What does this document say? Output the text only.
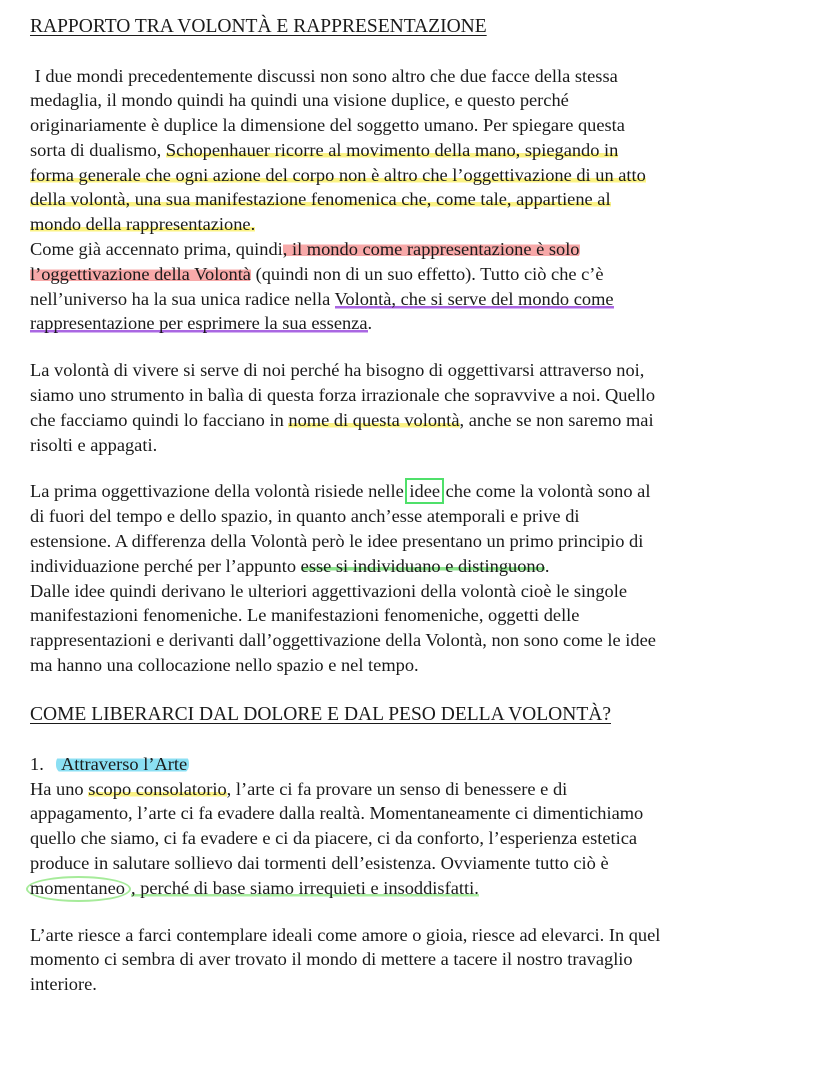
RAPPORTO TRA VOLONTÀ E RAPPRESENTAZIONE

I due mondi precedentemente discussi non sono altro che due facce della stessa
medaglia, il mondo quindi ha quindi una visione duplice, e questo perché
originariamente è duplice la dimensione del soggetto umano. Per spiegare questa
sorta di dualismo, Schopenhauer ricorre al movimento della mano, spiegando in
forma generale che ogni azione del corpo non è altro che l’oggettivazione di un atto
della volontà, una sua manifestazione fenomenica che, come tale, appartiene al
mondo della rappresentazione.

Come già accennato prima, quindi, il mondo come rappresentazione è solo
l’oggettivazione della Volontà (quindi non di un suo effetto). Tutto ciò che c’è
nell’universo ha la sua unica radice nella Volontà, che si serve del mondo come
rappresentazione per esprimere la sua essenza.

La volontà di vivere si serve di noi perché ha bisogno di oggettivarsi attraverso noi,
siamo uno strumento in balìa di questa forza irrazionale che sopravvive a noi. Quello
che facciamo quindi lo facciano in nome di questa volontà, anche se non saremo mai
risolti e appagati.

La prima oggettivazione della volontà risiede nelle idee che come la volontà sono al
di fuori del tempo e dello spazio, in quanto anch’esse atemporali e prive di
estensione. A differenza della Volontà però le idee presentano un primo principio di
individuazione perché per l’appunto esse si individuano e distinguono.
Dalle idee quindi derivano le ulteriori aggettivazioni della volontà cioè le singole
manifestazioni fenomeniche. Le manifestazioni fenomeniche, oggetti delle
rappresentazioni e derivanti dall’oggettivazione della Volontà, non sono come le idee
ma hanno una collocazione nello spazio e nel tempo.

COME LIBERARCI DAL DOLORE E DAL PESO DELLA VOLONTÀ?

1. Attraverso l’Arte

Ha uno scopo consolatorio, l’arte ci fa provare un senso di benessere e di
appagamento, l’arte ci fa evadere dalla realtà. Momentaneamente ci dimentichiamo
quello che siamo, ci fa evadere e ci da piacere, ci da conforto, l’esperienza estetica
produce in salutare sollievo dai tormenti dell’esistenza. Ovviamente tutto ciò è
momentaneo , perché di base siamo irrequieti e insoddisfatti.

L’arte riesce a farci contemplare ideali come amore o gioia, riesce ad elevarci. In quel
momento ci sembra di aver trovato il mondo di mettere a tacere il nostro travaglio
interiore.
